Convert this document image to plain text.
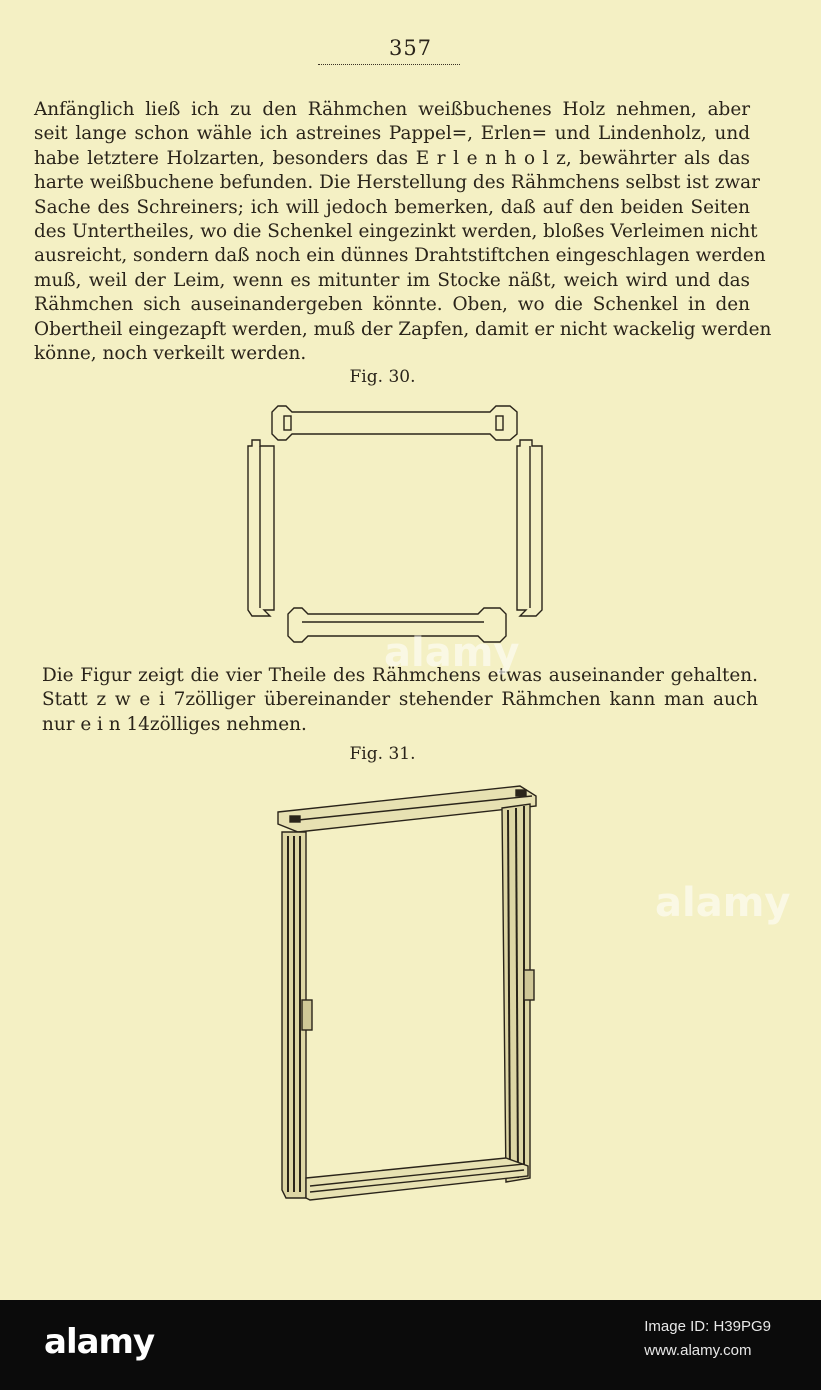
357
Anfänglich ließ ich zu den Rähmchen weißbuchenes Holz nehmen, aber
seit lange schon wähle ich astreines Pappel=, Erlen= und Lindenholz, und
habe letztere Holzarten, besonders das E r l e n h o l z, bewährter als das
harte weißbuchene befunden. Die Herstellung des Rähmchens selbst ist zwar
Sache des Schreiners; ich will jedoch bemerken, daß auf den beiden Seiten
des Untertheiles, wo die Schenkel eingezinkt werden, bloßes Verleimen nicht
ausreicht, sondern daß noch ein dünnes Drahtstiftchen eingeschlagen werden
muß, weil der Leim, wenn es mitunter im Stocke näßt, weich wird und das
Rähmchen sich auseinandergeben könnte. Oben, wo die Schenkel in den
Obertheil eingezapft werden, muß der Zapfen, damit er nicht wackelig werden
könne, noch verkeilt werden.
Fig. 30.
Die Figur zeigt die vier Theile des Rähmchens etwas auseinander gehalten.
Statt z w e i 7zölliger übereinander stehender Rähmchen kann man auch
nur e i n 14zölliges nehmen.
Fig. 31.
alamy
alamy
alamy	Image ID: H39PG9
www.alamy.com
